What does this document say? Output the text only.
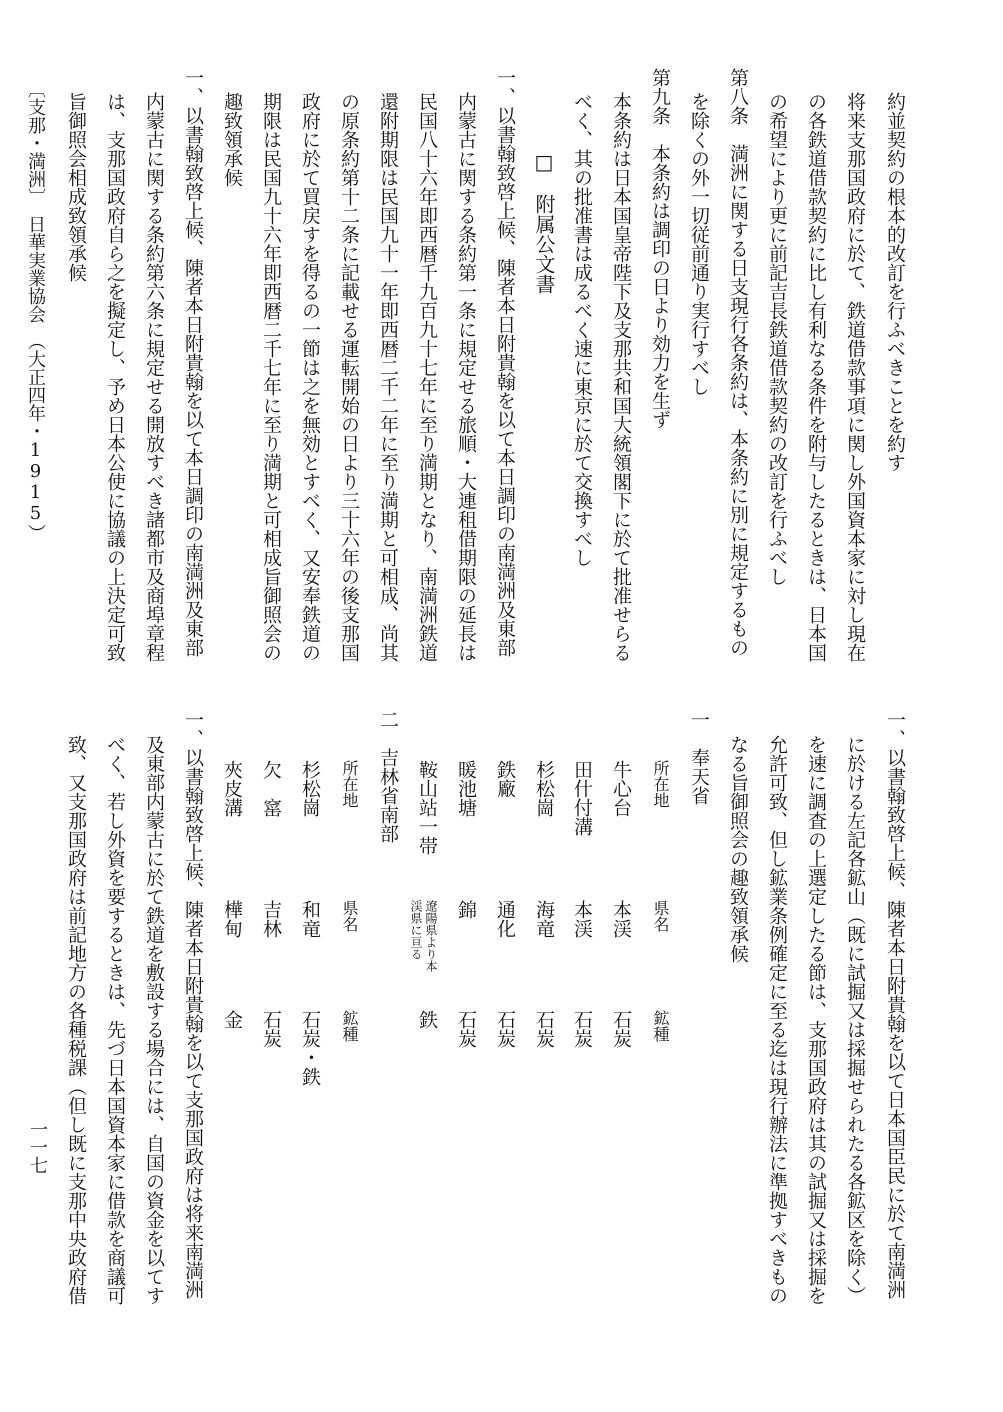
約並契約の根本的改訂を行ふべきことを約す
将来支那国政府に於て、鉄道借款事項に関し外国資本家に対し現在
の各鉄道借款契約に比し有利なる条件を附与したるときは、日本国
の希望により更に前記吉長鉄道借款契約の改訂を行ふべし
第八条　満洲に関する日支現行各条約は、本条約に別に規定するもの
を除くの外一切従前通り実行すべし
第九条　本条約は調印の日より効力を生ず
本条約は日本国皇帝陛下及支那共和国大統領閣下に於て批准せらる
べく、其の批准書は成るべく速に東京に於て交換すべし
□　附属公文書
一、以書翰致啓上候、陳者本日附貴翰を以て本日調印の南満洲及東部
内蒙古に関する条約第一条に規定せる旅順・大連租借期限の延長は
民国八十六年即西暦千九百九十七年に至り満期となり、南満洲鉄道
還附期限は民国九十一年即西暦二千二年に至り満期と可相成、尚其
の原条約第十二条に記載せる運転開始の日より三十六年の後支那国
政府に於て買戻すを得るの一節は之を無効とすべく、又安奉鉄道の
期限は民国九十六年即西暦二千七年に至り満期と可相成旨御照会の
趣致領承候
一、以書翰致啓上候、陳者本日附貴翰を以て本日調印の南満洲及東部
内蒙古に関する条約第六条に規定せる開放すべき諸都市及商埠章程
は、支那国政府自ら之を擬定し、予め日本公使に協議の上決定可致
旨御照会相成致領承候
〔支那・満洲〕　日華実業協会　（大正四年・1915）
一、以書翰致啓上候、陳者本日附貴翰を以て日本国臣民に於て南満洲
に於ける左記各鉱山（既に試掘又は採掘せられたる各鉱区を除く）
を速に調査の上選定したる節は、支那国政府は其の試掘又は採掘を
允許可致、但し鉱業条例確定に至る迄は現行辦法に準拠すべきもの
なる旨御照会の趣致領承候
一　奉天省
所在地
県名
鉱種
牛心台
本渓
石炭
田什付溝
本渓
石炭
杉松崗
海竜
石炭
鉄廠
通化
石炭
暖池塘
錦
石炭
鞍山站一帯
遼陽県より本
渓県に亘る
鉄
二　吉林省南部
所在地
県名
鉱種
杉松崗
和竜
石炭・鉄
欠　窰
吉林
石炭
夾皮溝
樺甸
金
一、以書翰致啓上候、陳者本日附貴翰を以て支那国政府は将来南満洲
及東部内蒙古に於て鉄道を敷設する場合には、自国の資金を以てす
べく、若し外資を要するときは、先づ日本国資本家に借款を商議可
致、又支那国政府は前記地方の各種税課（但し既に支那中央政府借
一一七
